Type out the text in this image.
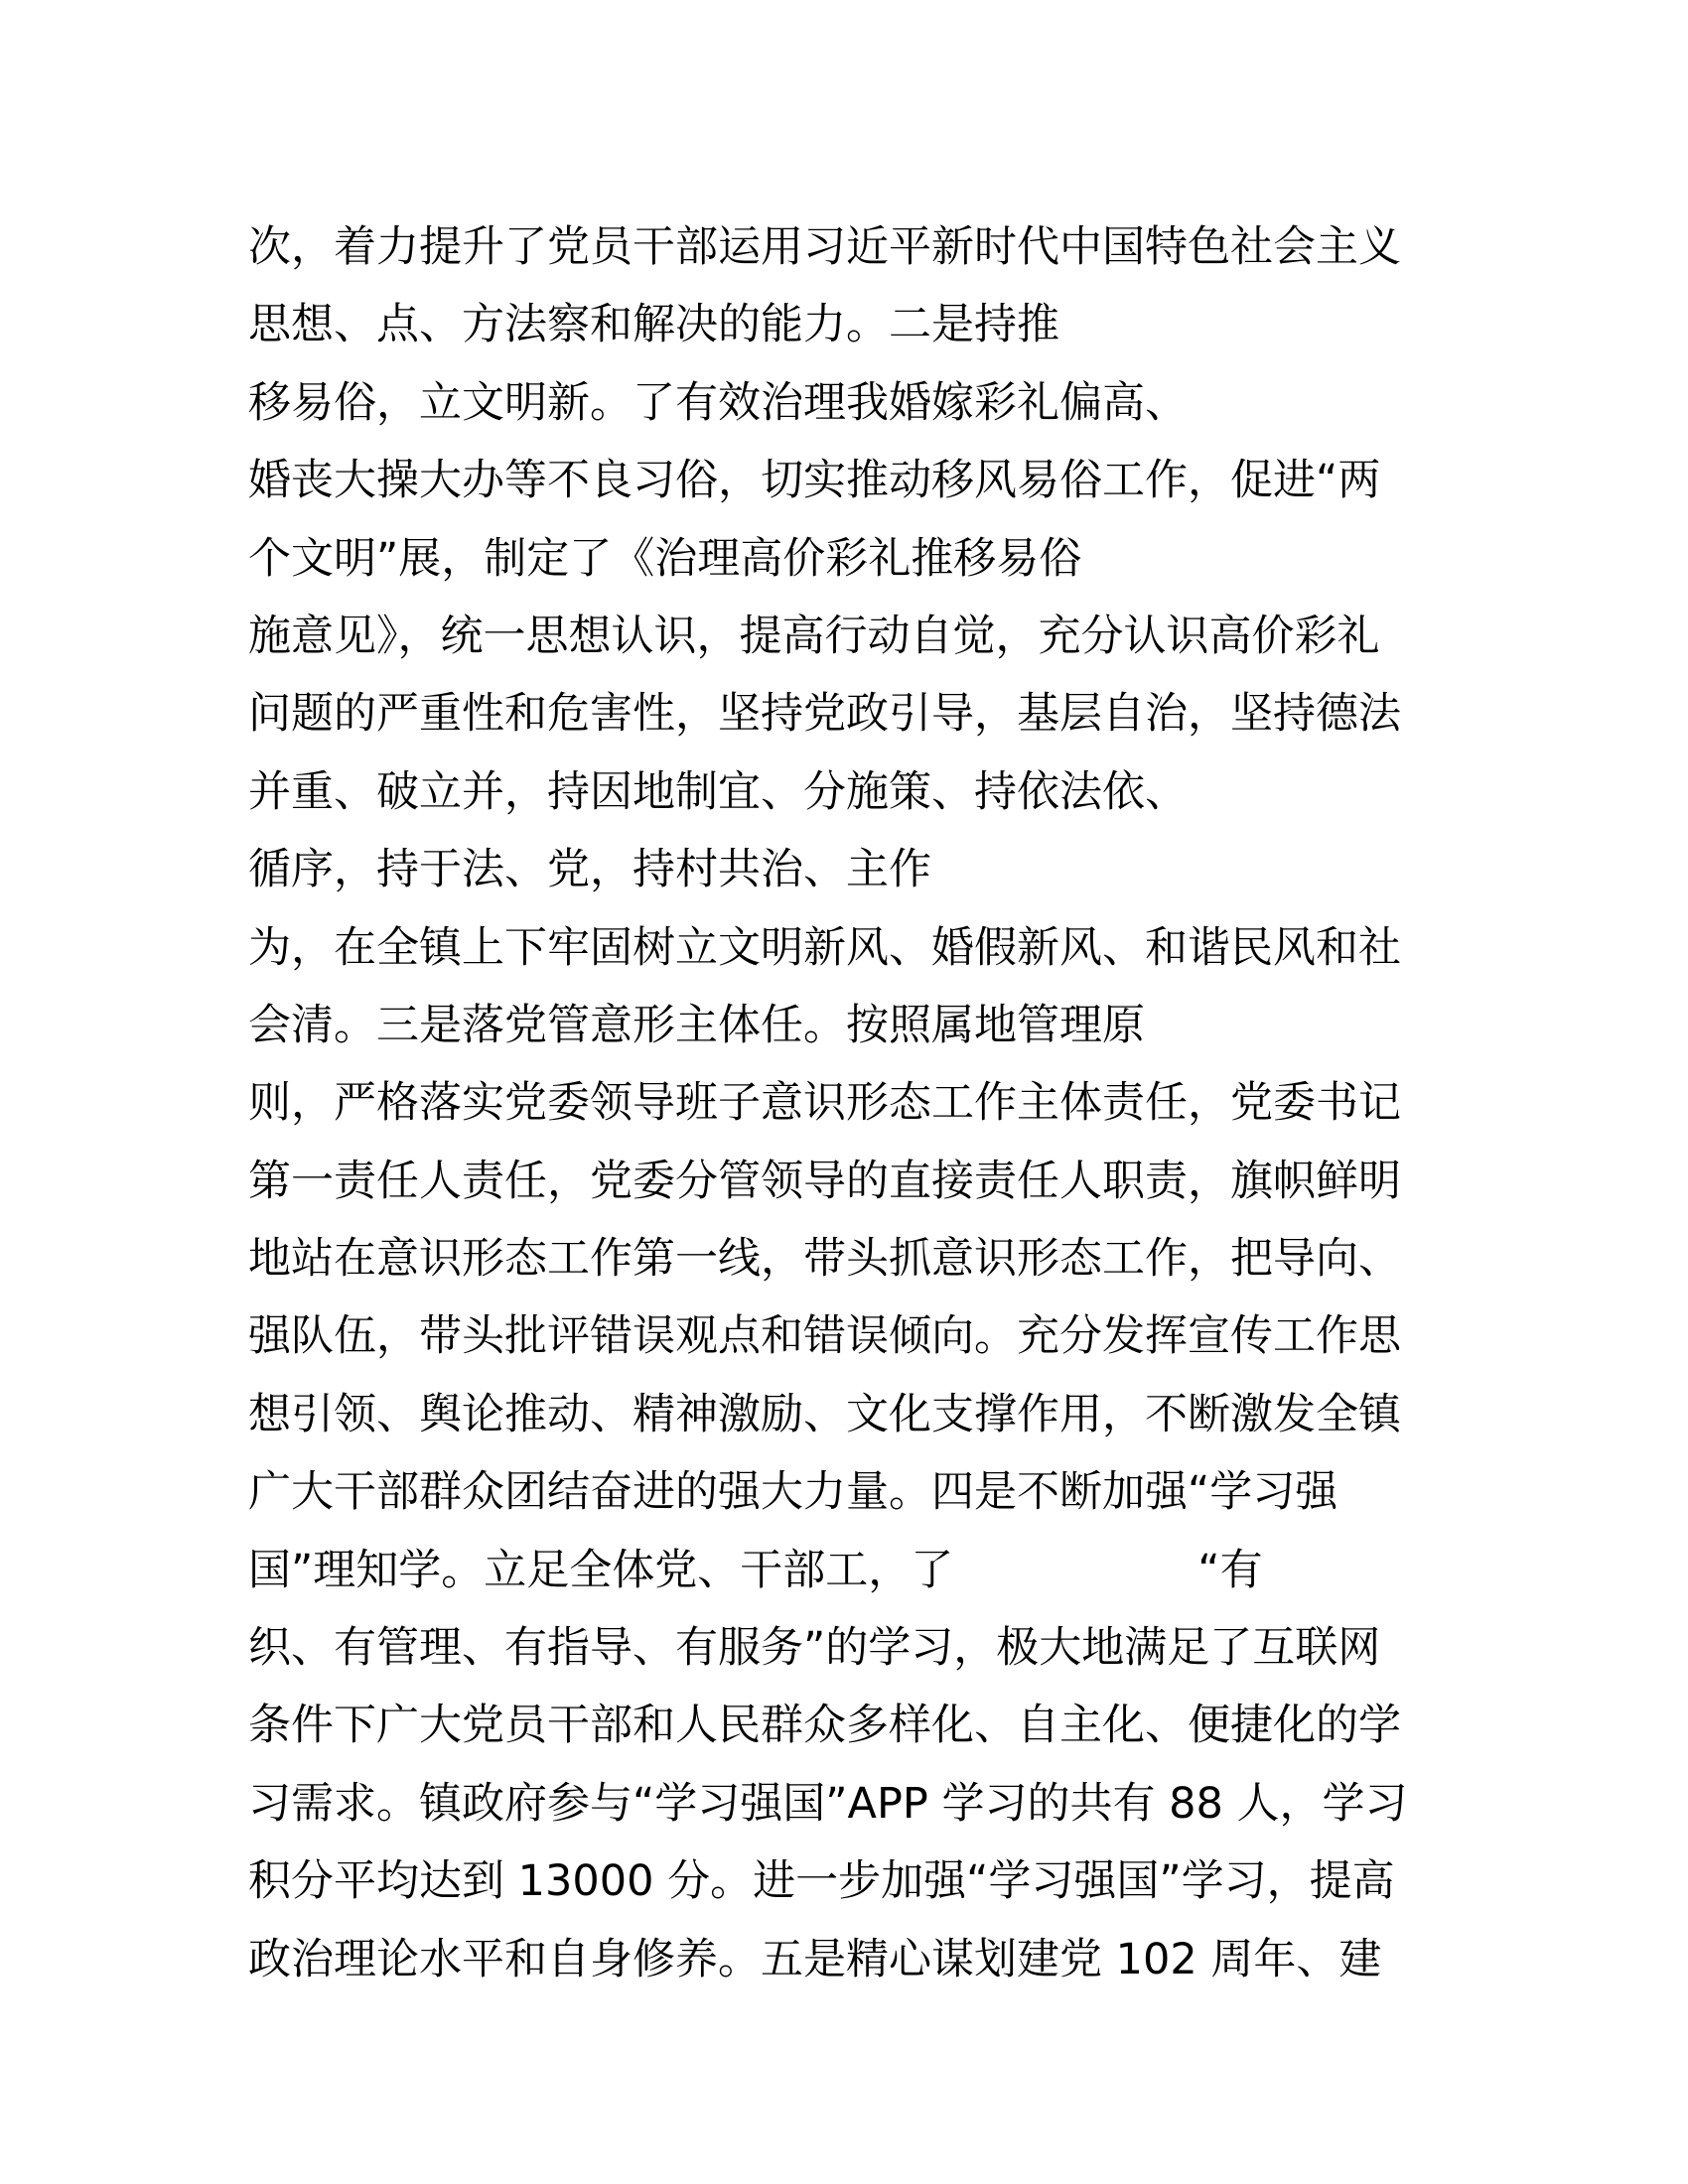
次，着力提升了党员干部运用习近平新时代中国特色社会主义
思想、点、方法察和解决的能力。二是持推
移易俗，立文明新。了有效治理我婚嫁彩礼偏高、
婚丧大操大办等不良习俗，切实推动移风易俗工作，促进“两
个文明”展，制定了《治理高价彩礼推移易俗
施意见》，统一思想认识，提高行动自觉，充分认识高价彩礼
问题的严重性和危害性，坚持党政引导，基层自治，坚持德法
并重、破立并，持因地制宜、分施策、持依法依、
循序，持于法、党，持村共治、主作
为，在全镇上下牢固树立文明新风、婚假新风、和谐民风和社
会清。三是落党管意形主体任。按照属地管理原
则，严格落实党委领导班子意识形态工作主体责任，党委书记
第一责任人责任，党委分管领导的直接责任人职责，旗帜鲜明
地站在意识形态工作第一线，带头抓意识形态工作，把导向、
强队伍，带头批评错误观点和错误倾向。充分发挥宣传工作思
想引领、舆论推动、精神激励、文化支撑作用，不断激发全镇
广大干部群众团结奋进的强大力量。四是不断加强“学习强
国”理知学。立足全体党、干部工，了                  “有
织、有管理、有指导、有服务”的学习，极大地满足了互联网
条件下广大党员干部和人民群众多样化、自主化、便捷化的学
习需求。镇政府参与“学习强国”APP 学习的共有 88 人，学习
积分平均达到 13000 分。进一步加强“学习强国”学习，提高
政治理论水平和自身修养。五是精心谋划建党 102 周年、建
